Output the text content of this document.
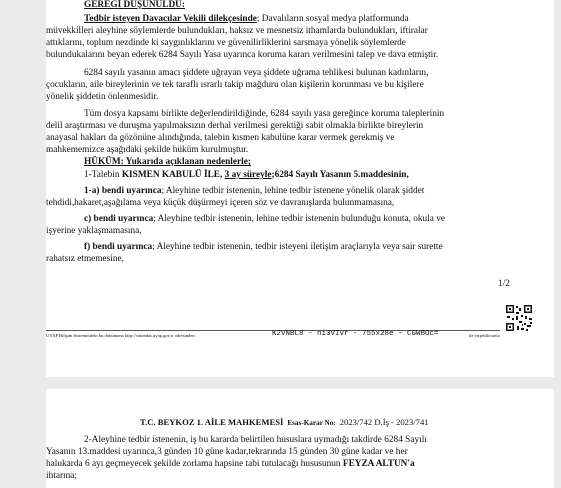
GEREĞİ DÜŞÜNÜLDÜ:
Tedbir isteyen Davacılar Vekili dilekçesinde; Davalıların sosyal medya platformunda
müvekkilleri aleyhine söylemlerde bulundukları, haksız ve mesnetsiz ithamlarda bulundukları, iftiralar
attıklarını, toplum nezdinde ki saygınlıklarını ve güvenilirliklerini sarsmaya yönelik söylemlerde
bulundukalarını beyan ederek 6284 Sayılı Yasa uyarınca koruma kararı verilmesini talep ve dava etmiştir.
6284 sayılı yasanın amacı şiddete uğrayan veya şiddete uğrama tehlikesi bulunan kadınların,
çocukların, aile bireylerinin ve tek taraflı ısrarlı takip mağduru olan kişilerin korunması ve bu kişilere
yönelik şiddetin önlenmesidir.
Tüm dosya kapsamı birlikte değerlendirildiğinde, 6284 sayılı yasa gereğince koruma taleplerinin
delil araştırması ve duruşma yapılmaksızın derhal verilmesi gerektiği sabit olmakla birlikte bireylerin
anayasal hakları da gözönüne alındığında, talebin kısmen kabulüne karar vermek gerekmiş ve
mahkememizce aşağıdaki şekilde hüküm kurulmuştur.
HÜKÜM: Yukarıda açıklanan nedenlerle;
1-Talebin KISMEN KABULÜ İLE, 3 ay süreyle;6284 Sayılı Yasanın 5.maddesinin,
1-a) bendi uyarınca; Aleyhine tedbir istenenin, lehine tedbir istenene yönelik olarak şiddet
tehdidi,hakaret,aşağılama veya küçük düşürmeyi içeren söz ve davranışlarda bulunmamasına,
c) bendi uyarınca; Aleyhine tedbir istenenin, lehine tedbir istenenin bulunduğu konuta, okula ve
işyerine yaklaşmamasına,
f) bendi uyarınca; Aleyhine tedbir istenenin, tedbir isteyeni iletişim araçlarıyla veya sair surette
rahatsız etmemesine,
1/2
UYAP Bilişim Sistemindeki bu dokümana http://vatandas.uyap.gov.tr adresinden	K2VNBL8 - ni3VIvr - 755x28e - CGWBOc=	ile erişebilirsiniz
T.C. BEYKOZ 1. AİLE MAHKEMESİ Esas-Karar No: 2023/742 D.İş - 2023/741
2-Aleyhine tedbir istenenin, iş bu kararda belirtilen hususlara uymadığı takdirde 6284 Sayılı
Yasanın 13.maddesi uyarınca,3 günden 10 güne kadar,tekrarında 15 günden 30 güne kadar ve her
halukarda 6 ayı geçmeyecek şekilde zorlama hapsine tabi tutulacağı hususunun FEYZA ALTUN'a
ihtarına;
